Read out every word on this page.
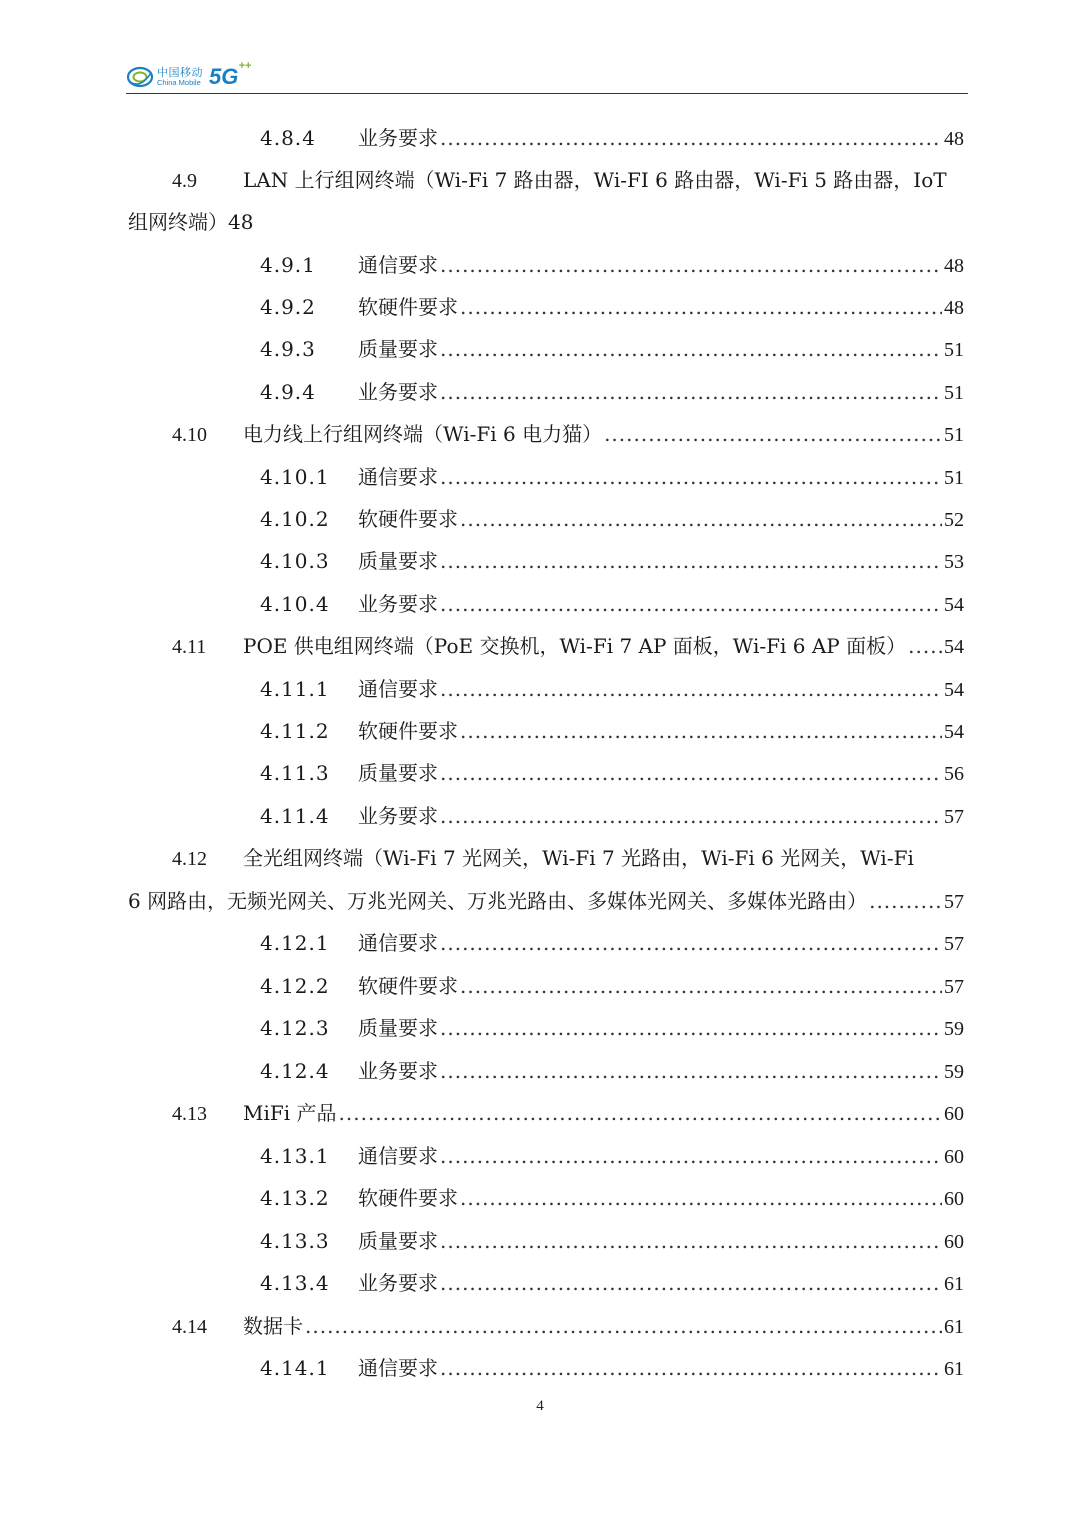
中国移动
China Mobile 5G ++
4.8.4	业务要求 .....	48
4.9	LAN 上行组网终端（Wi-Fi 7 路由器，Wi-FI 6 路由器，Wi-Fi 5 路由器，IoT
组网终端）48
4.9.1	通信要求 .....	48
4.9.2	软硬件要求 .....	48
4.9.3	质量要求 .....	51
4.9.4	业务要求 .....	51
4.10	电力线上行组网终端（Wi-Fi 6 电力猫） .....	51
4.10.1	通信要求 .....	51
4.10.2	软硬件要求 .....	52
4.10.3	质量要求 .....	53
4.10.4	业务要求 .....	54
4.11	POE 供电组网终端（PoE 交换机，Wi-Fi 7 AP 面板，Wi-Fi 6 AP 面板） ..... 54
4.11.1	通信要求 .....	54
4.11.2	软硬件要求 .....	54
4.11.3	质量要求 .....	56
4.11.4	业务要求 .....	57
4.12	全光组网终端（Wi-Fi 7 光网关，Wi-Fi 7 光路由，Wi-Fi 6 光网关，Wi-Fi
6 网路由，无频光网关、万兆光网关、万兆光路由、多媒体光网关、多媒体光路由） .....	57
4.12.1	通信要求 .....	57
4.12.2	软硬件要求 .....	57
4.12.3	质量要求 .....	59
4.12.4	业务要求 .....	59
4.13	MiFi 产品 .....	60
4.13.1	通信要求 .....	60
4.13.2	软硬件要求 .....	60
4.13.3	质量要求 .....	60
4.13.4	业务要求 .....	61
4.14	数据卡 .....	61
4.14.1	通信要求 .....	61
4
